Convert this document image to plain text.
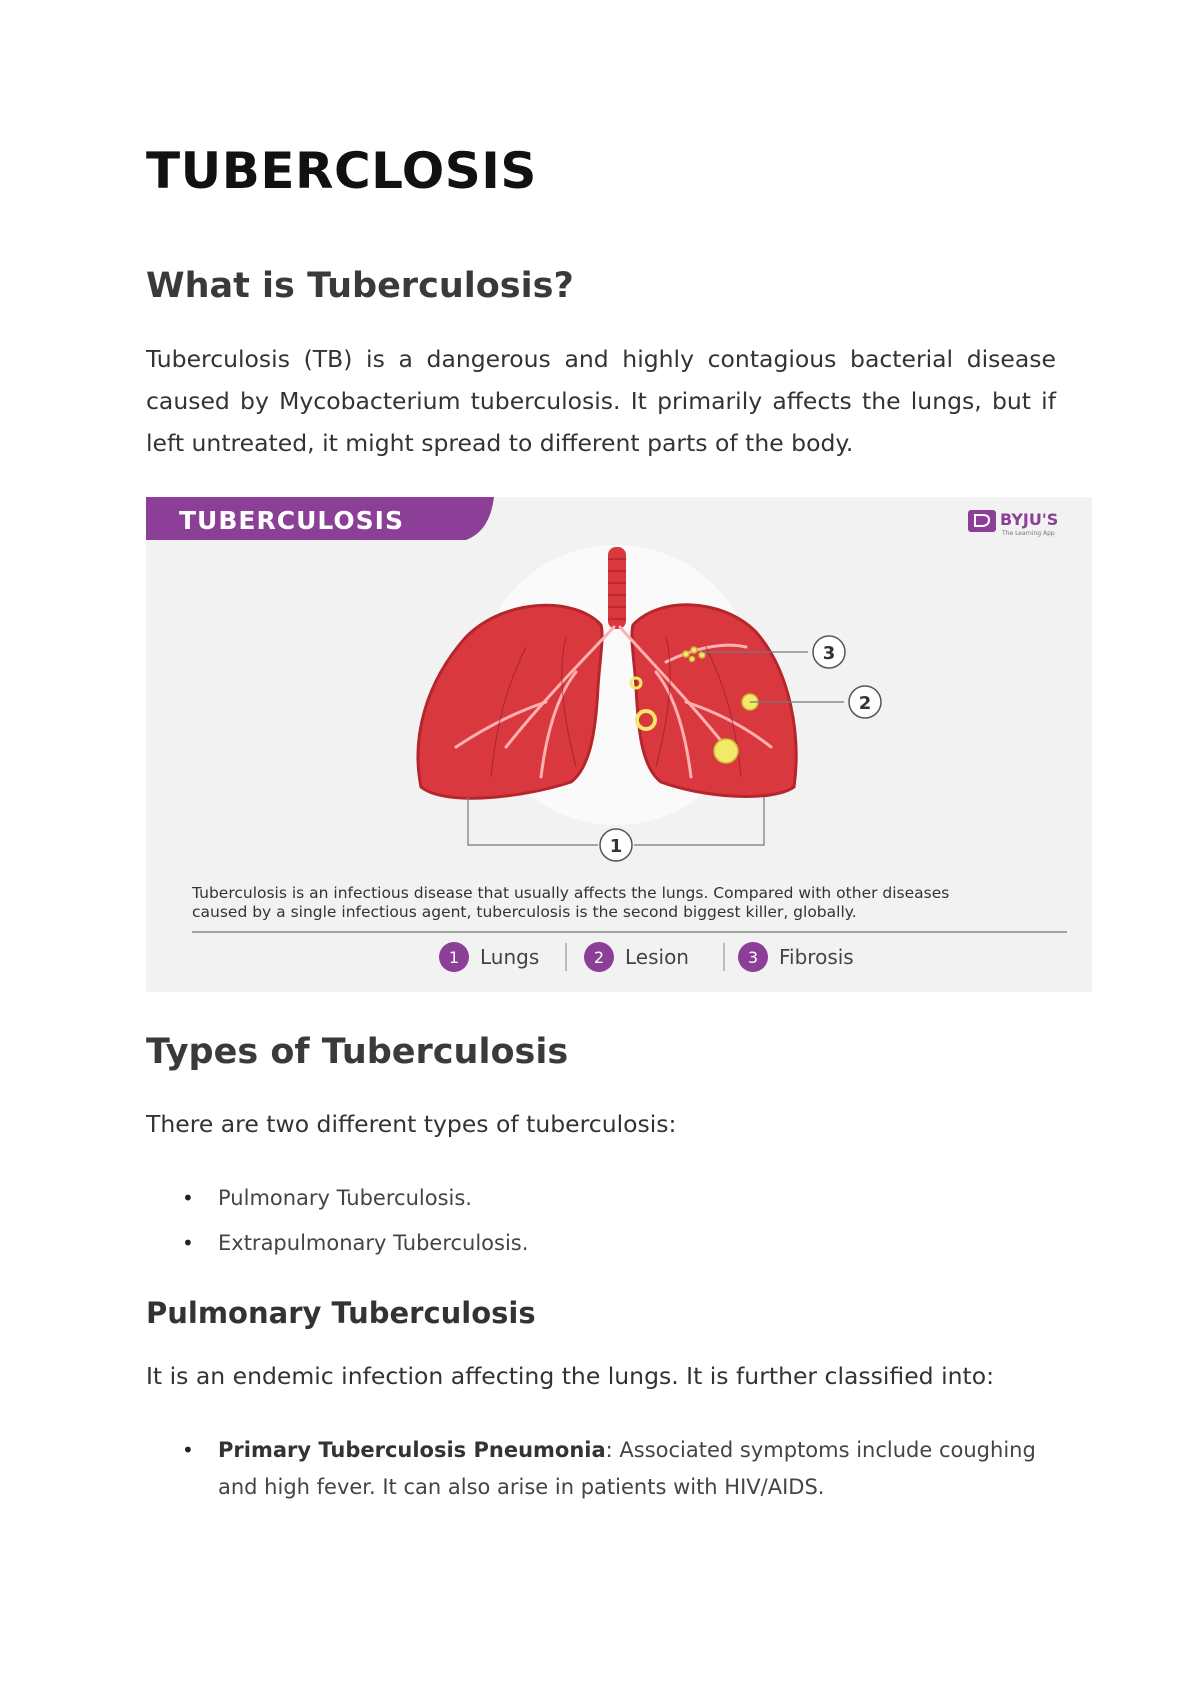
TUBERCLOSIS
What is Tuberculosis?

Tuberculosis (TB) is a dangerous and highly contagious bacterial disease caused by Mycobacterium tuberculosis. It primarily affects the lungs, but if left untreated, it might spread to different parts of the body.

TUBERCULOSIS	BYJU'S
The Learning App
3
2
1
Tuberculosis is an infectious disease that usually affects the lungs. Compared with other diseases
caused by a single infectious agent, tuberculosis is the second biggest killer, globally.
1 Lungs	2 Lesion	3 Fibrosis
Types of Tuberculosis

There are two different types of tuberculosis:

• Pulmonary Tuberculosis.
• Extrapulmonary Tuberculosis.
Pulmonary Tuberculosis

It is an endemic infection affecting the lungs. It is further classified into:

• Primary Tuberculosis Pneumonia: Associated symptoms include coughing and high fever. It can also arise in patients with HIV/AIDS.
